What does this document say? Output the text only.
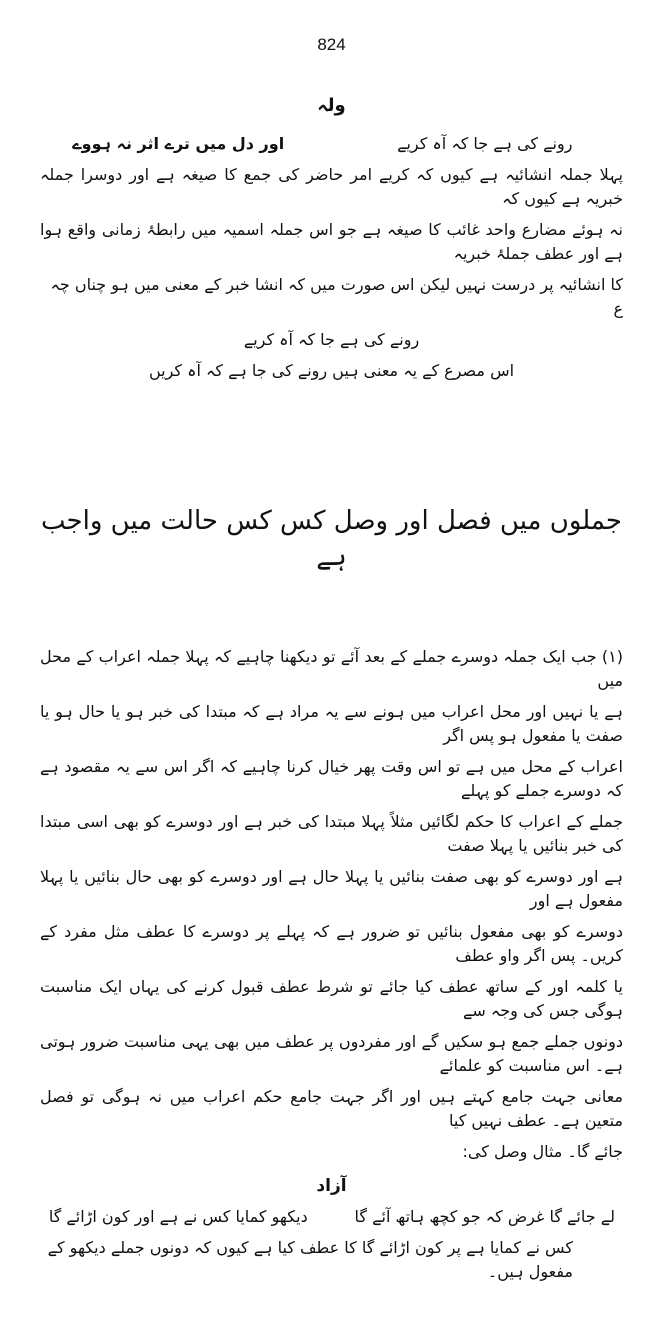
824
ولہ
رونے کی ہے جا کہ آہ کریے
اور دل میں ترے اثر نہ ہووے
پہلا جملہ انشائیہ ہے کیوں کہ کریے امر حاضر کی جمع کا صیغہ ہے اور دوسرا جملہ خبریہ ہے کیوں کہ
نہ ہوئے مضارع واحد غائب کا صیغہ ہے جو اس جملہ اسمیہ میں رابطۂ زمانی واقع ہوا ہے اور عطف جملۂ خبریہ
کا انشائیہ پر درست نہیں لیکن اس صورت میں کہ انشا خبر کے معنی میں ہو چناں چہ ع
رونے کی ہے جا کہ آہ کریے
اس مصرع کے یہ معنی ہیں رونے کی جا ہے کہ آہ کریں
جملوں میں فصل اور وصل کس کس حالت میں واجب ہے
(۱) جب ایک جملہ دوسرے جملے کے بعد آئے تو دیکھنا چاہیے کہ پہلا جملہ اعراب کے محل میں
ہے یا نہیں اور محل اعراب میں ہونے سے یہ مراد ہے کہ مبتدا کی خبر ہو یا حال ہو یا صفت یا مفعول ہو پس اگر
اعراب کے محل میں ہے تو اس وقت پھر خیال کرنا چاہیے کہ اگر اس سے یہ مقصود ہے کہ دوسرے جملے کو پہلے
جملے کے اعراب کا حکم لگائیں مثلاً پہلا مبتدا کی خبر ہے اور دوسرے کو بھی اسی مبتدا کی خبر بنائیں یا پہلا صفت
ہے اور دوسرے کو بھی صفت بنائیں یا پہلا حال ہے اور دوسرے کو بھی حال بنائیں یا پہلا مفعول ہے اور
دوسرے کو بھی مفعول بنائیں تو ضرور ہے کہ پہلے پر دوسرے کا عطف مثل مفرد کے کریں۔ پس اگر واو عطف
یا کلمہ اور کے ساتھ عطف کیا جائے تو شرط عطف قبول کرنے کی یہاں ایک مناسبت ہوگی جس کی وجہ سے
دونوں جملے جمع ہو سکیں گے اور مفردوں پر عطف میں بھی یہی مناسبت ضرور ہوتی ہے۔ اس مناسبت کو علمائے
معانی جہت جامع کہتے ہیں اور اگر جہت جامع حکم اعراب میں نہ ہوگی تو فصل متعین ہے۔ عطف نہیں کیا
جائے گا۔ مثال وصل کی:
آزاد
لے جائے گا غرض کہ جو کچھ ہاتھ آئے گا
دیکھو کمایا کس نے ہے اور کون اڑائے گا
کس نے کمایا ہے پر کون اڑائے گا کا عطف کیا ہے کیوں کہ دونوں جملے دیکھو کے مفعول ہیں۔
